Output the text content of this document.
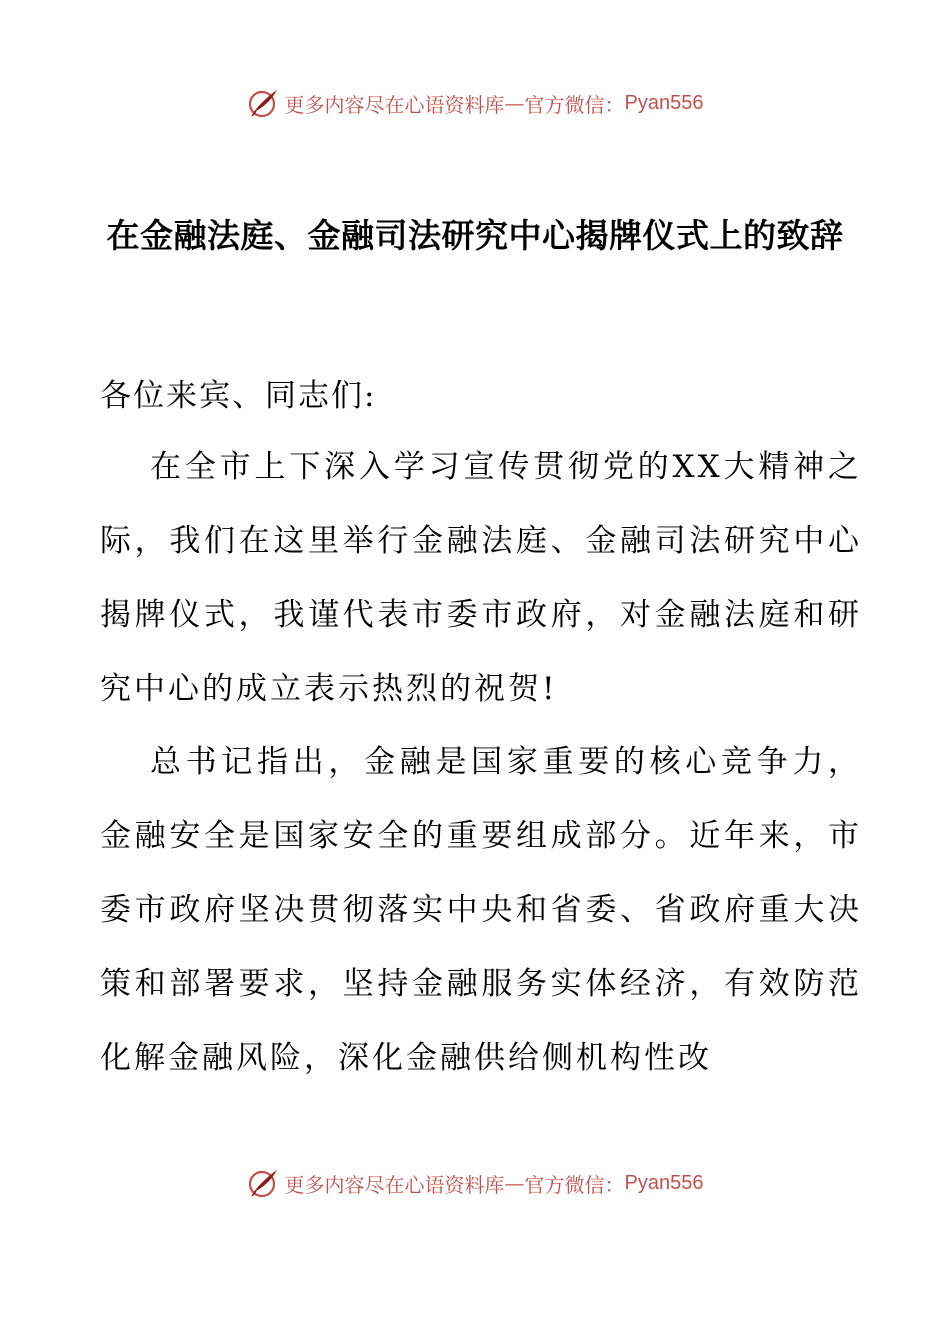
更多内容尽在心语资料库 — 官方微信： Pyan556
在金融法庭、金融司法研究中心揭牌仪式上的致辞
各位来宾、同志们:

在全市上下深入学习宣传贯彻党的XX大精神之际，我们在这里举行金融法庭、金融司法研究中心揭牌仪式，我谨代表市委市政府，对金融法庭和研究中心的成立表示热烈的祝贺!

总书记指出，金融是国家重要的核心竞争力，金融安全是国家安全的重要组成部分。近年来，市委市政府坚决贯彻落实中央和省委、省政府重大决策和部署要求，坚持金融服务实体经济，有效防范化解金融风险，深化金融供给侧机构性改

更多内容尽在心语资料库 — 官方微信： Pyan556
